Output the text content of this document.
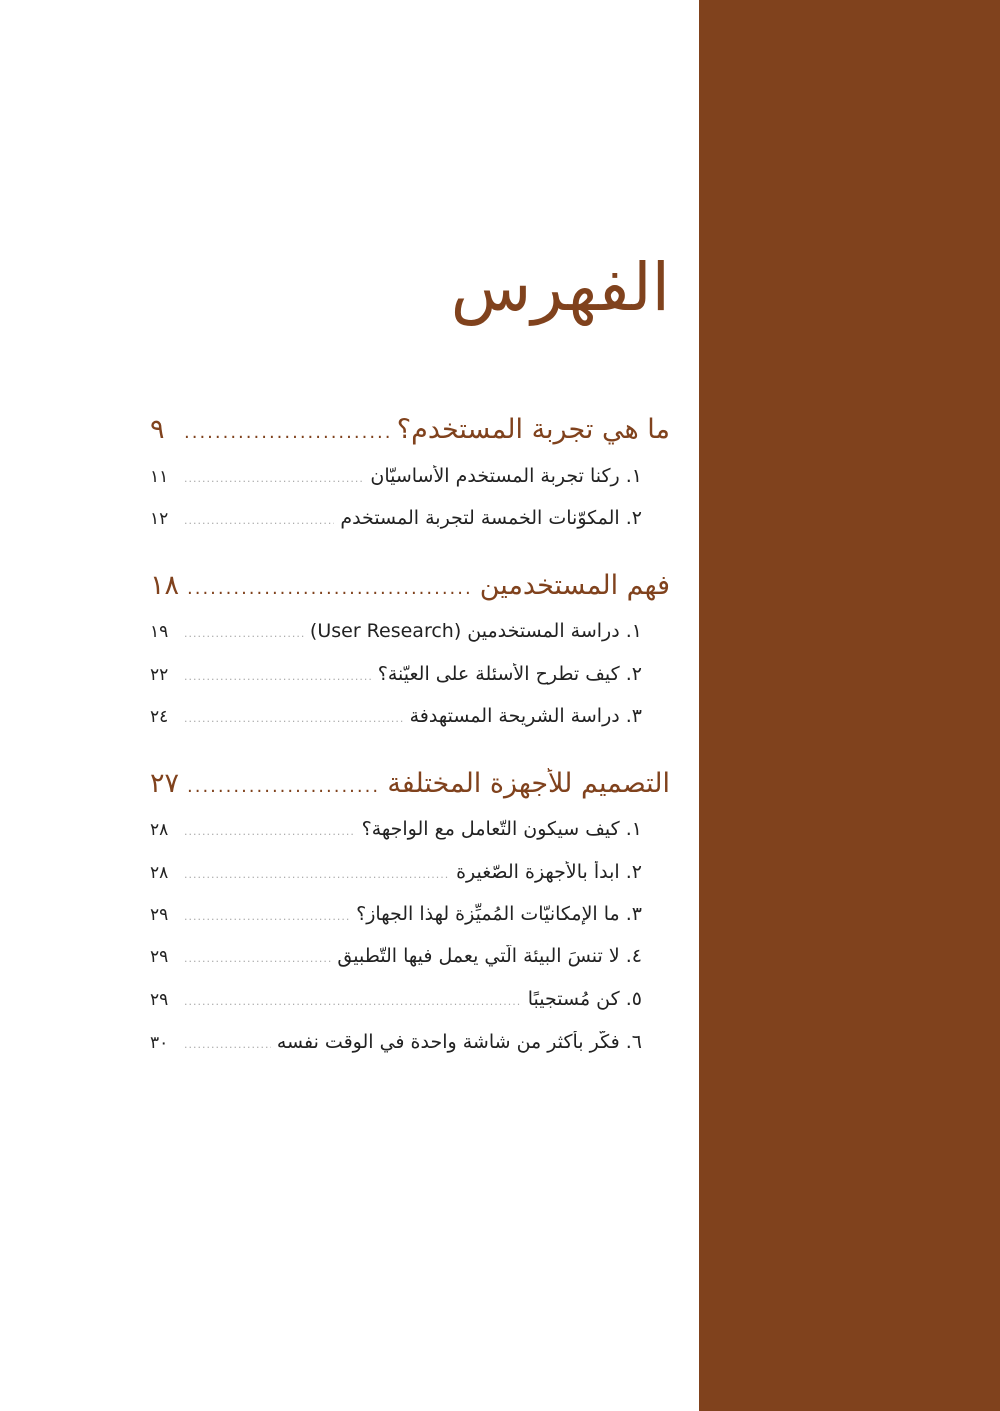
الفهرس
ما هي تجربة المستخدم؟
.....
٩
١. ركنا تجربة المستخدم الأساسيّان
.....
١١
٢. المكوّنات الخمسة لتجربة المستخدم
.....
١٢
فهم المستخدمين
.....
١٨
١. دراسة المستخدمين (User Research)
.....
١٩
٢. كيف تطرح الأسئلة على العيّنة؟
.....
٢٢
٣. دراسة الشريحة المستهدفة
.....
٢٤
التصميم للأجهزة المختلفة
.....
٢٧
١. كيف سيكون التّعامل مع الواجهة؟
.....
٢٨
٢. ابدأ بالأجهزة الصّغيرة
.....
٢٨
٣. ما الإمكانيّات المُميِّزة لهذا الجهاز؟
.....
٢٩
٤. لا تنسَ البيئة الّتي يعمل فيها التّطبيق
.....
٢٩
٥. كن مُستجيبًا
.....
٢٩
٦. فكّر بأكثر من شاشة واحدة في الوقت نفسه
.....
٣٠
